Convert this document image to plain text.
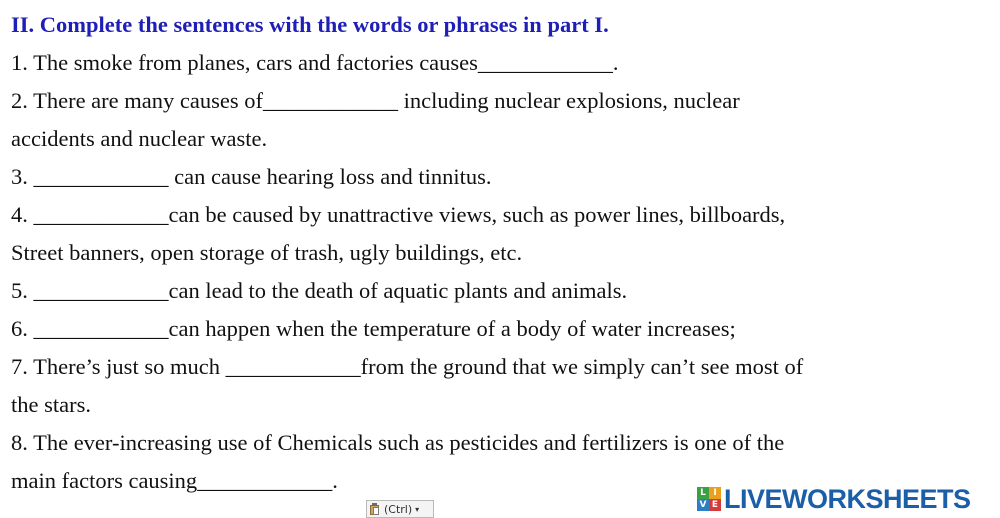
II. Complete the sentences with the words or phrases in part I.
1. The smoke from planes, cars and factories causes____________.
2. There are many causes of____________ including nuclear explosions, nuclear
accidents and nuclear waste.
3. ____________ can cause hearing loss and tinnitus.
4. ____________can be caused by unattractive views, such as power lines, billboards,
Street banners, open storage of trash, ugly buildings, etc.
5. ____________can lead to the death of aquatic plants and animals.
6. ____________can happen when the temperature of a body of water increases;
7. There’s just so much ____________from the ground that we simply can’t see most of
the stars.
8. The ever-increasing use of Chemicals such as pesticides and fertilizers is one of the
main factors causing____________.
(Ctrl) ▾
L I
V E LIVEWORKSHEETS
